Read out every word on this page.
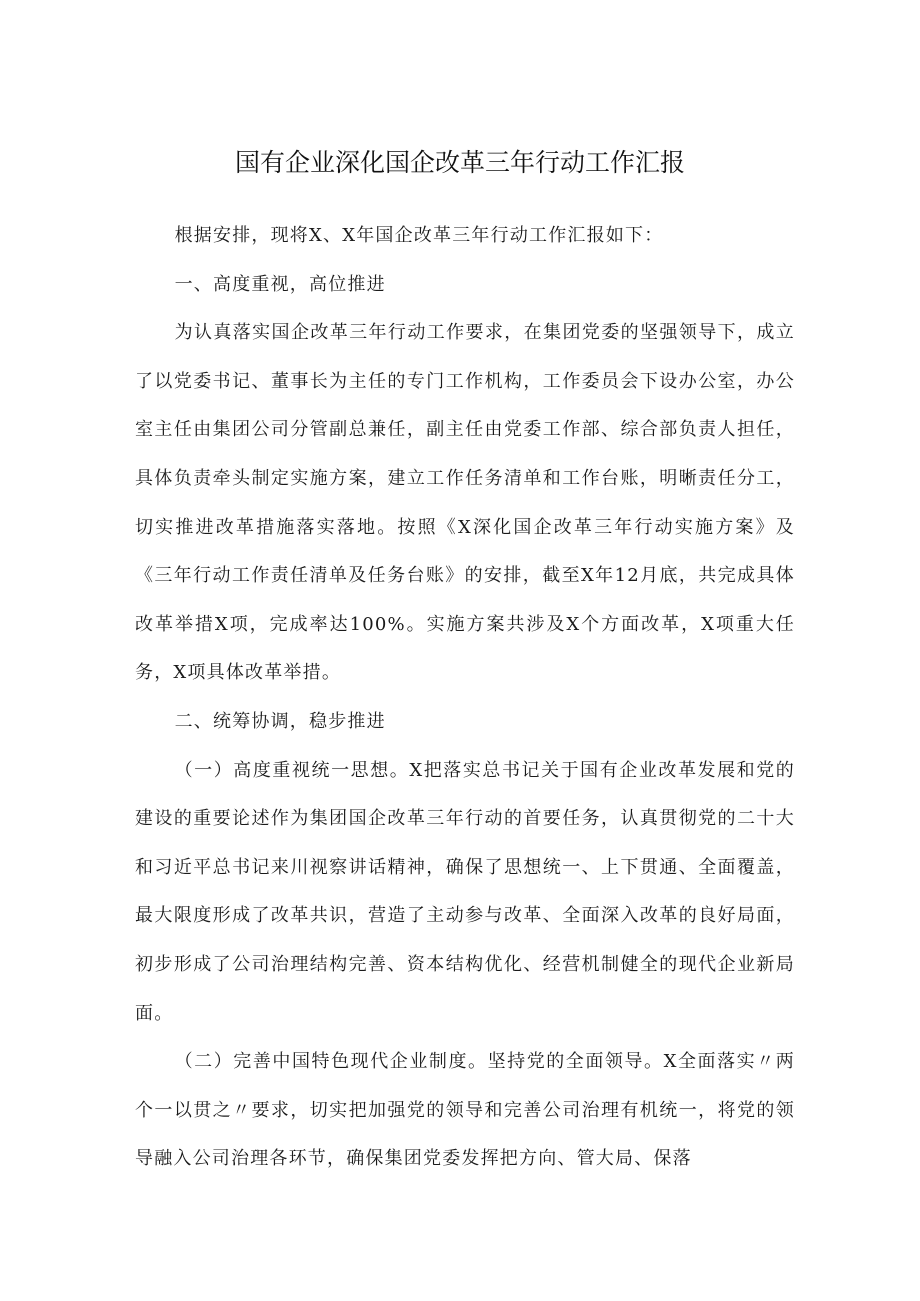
国有企业深化国企改革三年行动工作汇报

根据安排，现将X、X年国企改革三年行动工作汇报如下：

一、高度重视，高位推进

为认真落实国企改革三年行动工作要求，在集团党委的坚强领导下，成立了以党委书记、董事长为主任的专门工作机构，工作委员会下设办公室，办公室主任由集团公司分管副总兼任，副主任由党委工作部、综合部负责人担任，具体负责牵头制定实施方案，建立工作任务清单和工作台账，明晰责任分工，切实推进改革措施落实落地。按照《X深化国企改革三年行动实施方案》及《三年行动工作责任清单及任务台账》的安排，截至X年12月底，共完成具体改革举措X项，完成率达100%。实施方案共涉及X个方面改革，X项重大任务，X项具体改革举措。

二、统筹协调，稳步推进

（一）高度重视统一思想。X把落实总书记关于国有企业改革发展和党的建设的重要论述作为集团国企改革三年行动的首要任务，认真贯彻党的二十大和习近平总书记来川视察讲话精神，确保了思想统一、上下贯通、全面覆盖，最大限度形成了改革共识，营造了主动参与改革、全面深入改革的良好局面，初步形成了公司治理结构完善、资本结构优化、经营机制健全的现代企业新局面。

（二）完善中国特色现代企业制度。坚持党的全面领导。X全面落实〃两个一以贯之〃要求，切实把加强党的领导和完善公司治理有机统一，将党的领导融入公司治理各环节，确保集团党委发挥把方向、管大局、保落
